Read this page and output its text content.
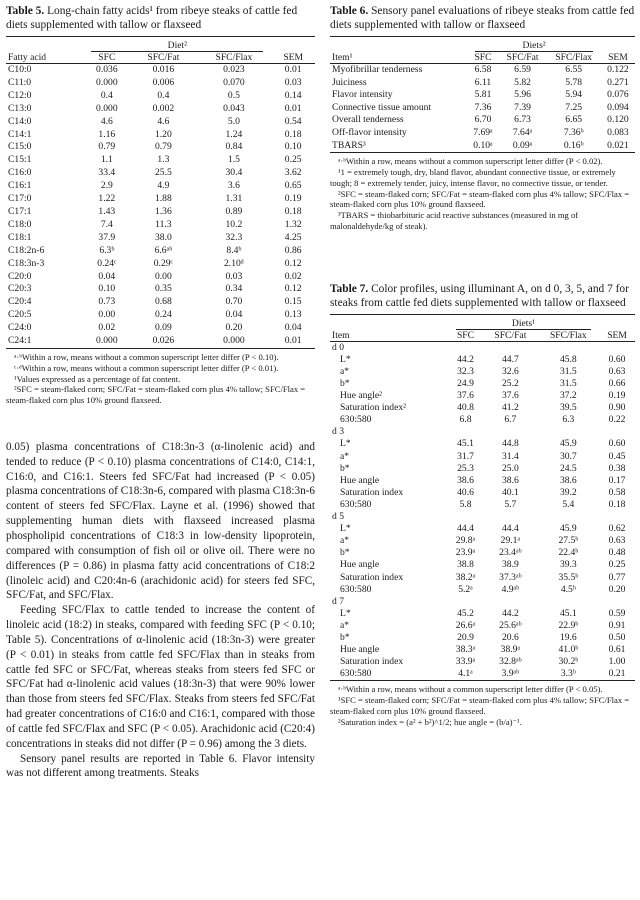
Table 5. Long-chain fatty acids¹ from ribeye steaks of cattle fed diets supplemented with tallow or flaxseed
	Diet²		

Fatty acid	SFC	SFC/Fat	SFC/Flax	SEM
C10:0	0.036	0.016	0.023	0.01
C11:0	0.000	0.006	0.070	0.03
C12:0	0.4	0.4	0.5	0.14
C13:0	0.000	0.002	0.043	0.01
C14:0	4.6	4.6	5.0	0.54
C14:1	1.16	1.20	1.24	0.18
C15:0	0.79	0.79	0.84	0.10
C15:1	1.1	1.3	1.5	0.25
C16:0	33.4	25.5	30.4	3.62
C16:1	2.9	4.9	3.6	0.65
C17:0	1.22	1.88	1.31	0.19
C17:1	1.43	1.36	0.89	0.18
C18:0	7.4	11.3	10.2	1.32
C18:1	37.9	38.0	32.3	4.25
C18:2n-6	6.3ᵇ	6.6ᵃᵇ	8.4ᵇ	0.86
C18:3n-3	0.24ᶜ	0.29ᶜ	2.10ᵈ	0.12
C20:0	0.04	0.00	0.03	0.02
C20:3	0.10	0.35	0.34	0.12
C20:4	0.73	0.68	0.70	0.15
C20:5	0.00	0.24	0.04	0.13
C24:0	0.02	0.09	0.20	0.04
C24:1	0.000	0.026	0.000	0.01

ᵃ·ᵇWithin a row, means without a common superscript letter differ (P < 0.10).

ᶜ·ᵈWithin a row, means without a common superscript letter differ (P < 0.01).

¹Values expressed as a percentage of fat content.

²SFC = steam-flaked corn; SFC/Fat = steam-flaked corn plus 4% tallow; SFC/Flax = steam-flaked corn plus 10% ground flaxseed.

0.05) plasma concentrations of C18:3n-3 (α-linolenic acid) and tended to reduce (P < 0.10) plasma concentrations of C14:0, C14:1, C16:0, and C16:1. Steers fed SFC/Fat had increased (P < 0.05) plasma concentrations of C18:3n-6, compared with plasma C18:3n-6 content of steers fed SFC/Flax. Layne et al. (1996) showed that supplementing human diets with flaxseed increased plasma phospholipid concentrations of C18:3 in low-density lipoprotein, compared with consumption of fish oil or olive oil. There were no differences (P = 0.86) in plasma fatty acid concentrations of C18:2 (linoleic acid) and C20:4n-6 (arachidonic acid) for steers fed SFC, SFC/Fat, and SFC/Flax.

Feeding SFC/Flax to cattle tended to increase the content of linoleic acid (18:2) in steaks, compared with feeding SFC (P < 0.10; Table 5). Concentrations of α-linolenic acid (18:3n-3) were greater (P < 0.01) in steaks from cattle fed SFC/Flax than in steaks from cattle fed SFC or SFC/Fat, whereas steaks from steers fed SFC or SFC/Fat had α-linolenic acid values (18:3n-3) that were 90% lower than those from steers fed SFC/Flax. Steaks from steers fed SFC/Fat had greater concentrations of C16:0 and C16:1, compared with those of cattle fed SFC/Flax and SFC (P < 0.05). Arachidonic acid (C20:4) concentrations in steaks did not differ (P = 0.96) among the 3 diets.

Sensory panel results are reported in Table 6. Flavor intensity was not different among treatments. Steaks

Table 6. Sensory panel evaluations of ribeye steaks from cattle fed diets supplemented with tallow or flaxseed
	Diets²		

Item¹	SFC	SFC/Fat	SFC/Flax	SEM
Myofibrillar tenderness	6.58	6.59	6.55	0.122
Juiciness	6.11	5.82	5.78	0.271
Flavor intensity	5.81	5.96	5.94	0.076
Connective tissue amount	7.36	7.39	7.25	0.094
Overall tenderness	6.70	6.73	6.65	0.120
Off-flavor intensity	7.69ᵃ	7.64ᵃ	7.36ᵇ	0.083
TBARS³	0.10ᵃ	0.09ᵃ	0.16ᵇ	0.021

ᵃ·ᵇWithin a row, means without a common superscript letter differ (P < 0.02).

¹1 = extremely tough, dry, bland flavor, abundant connective tissue, or extremely tough; 8 = extremely tender, juicy, intense flavor, no connective tissue, or tender.

²SFC = steam-flaked corn; SFC/Fat = steam-flaked corn plus 4% tallow; SFC/Flax = steam-flaked corn plus 10% ground flaxseed.

³TBARS = thiobarbituric acid reactive substances (measured in mg of malonaldehyde/kg of steak).

Table 7. Color profiles, using illuminant A, on d 0, 3, 5, and 7 for steaks from cattle fed diets supplemented with tallow or flaxseed
	Diets¹		

Item	SFC	SFC/Fat	SFC/Flax	SEM
d 0				
L*	44.2	44.7	45.8	0.60
a*	32.3	32.6	31.5	0.63
b*	24.9	25.2	31.5	0.66
Hue angle²	37.6	37.6	37.2	0.19
Saturation index²	40.8	41.2	39.5	0.90
630:580	6.8	6.7	6.3	0.22
d 3				
L*	45.1	44.8	45.9	0.60
a*	31.7	31.4	30.7	0.45
b*	25.3	25.0	24.5	0.38
Hue angle	38.6	38.6	38.6	0.17
Saturation index	40.6	40.1	39.2	0.58
630:580	5.8	5.7	5.4	0.18
d 5				
L*	44.4	44.4	45.9	0.62
a*	29.8ᵃ	29.1ᵃ	27.5ᵇ	0.63
b*	23.9ᵃ	23.4ᵃᵇ	22.4ᵇ	0.48
Hue angle	38.8	38.9	39.3	0.25
Saturation index	38.2ᵃ	37.3ᵃᵇ	35.5ᵇ	0.77
630:580	5.2ᵃ	4.9ᵃᵇ	4.5ᵇ	0.20
d 7				
L*	45.2	44.2	45.1	0.59
a*	26.6ᵃ	25.6ᵃᵇ	22.9ᵇ	0.91
b*	20.9	20.6	19.6	0.50
Hue angle	38.3ᵃ	38.9ᵃ	41.0ᵇ	0.61
Saturation index	33.9ᵃ	32.8ᵃᵇ	30.2ᵇ	1.00
630:580	4.1ᵃ	3.9ᵃᵇ	3.3ᵇ	0.21

ᵃ·ᵇWithin a row, means without a common superscript letter differ (P < 0.05).

¹SFC = steam-flaked corn; SFC/Fat = steam-flaked corn plus 4% tallow; SFC/Flax = steam-flaked corn plus 10% ground flaxseed.

²Saturation index = (a² + b²)^1/2; hue angle = (b/a)⁻¹.
